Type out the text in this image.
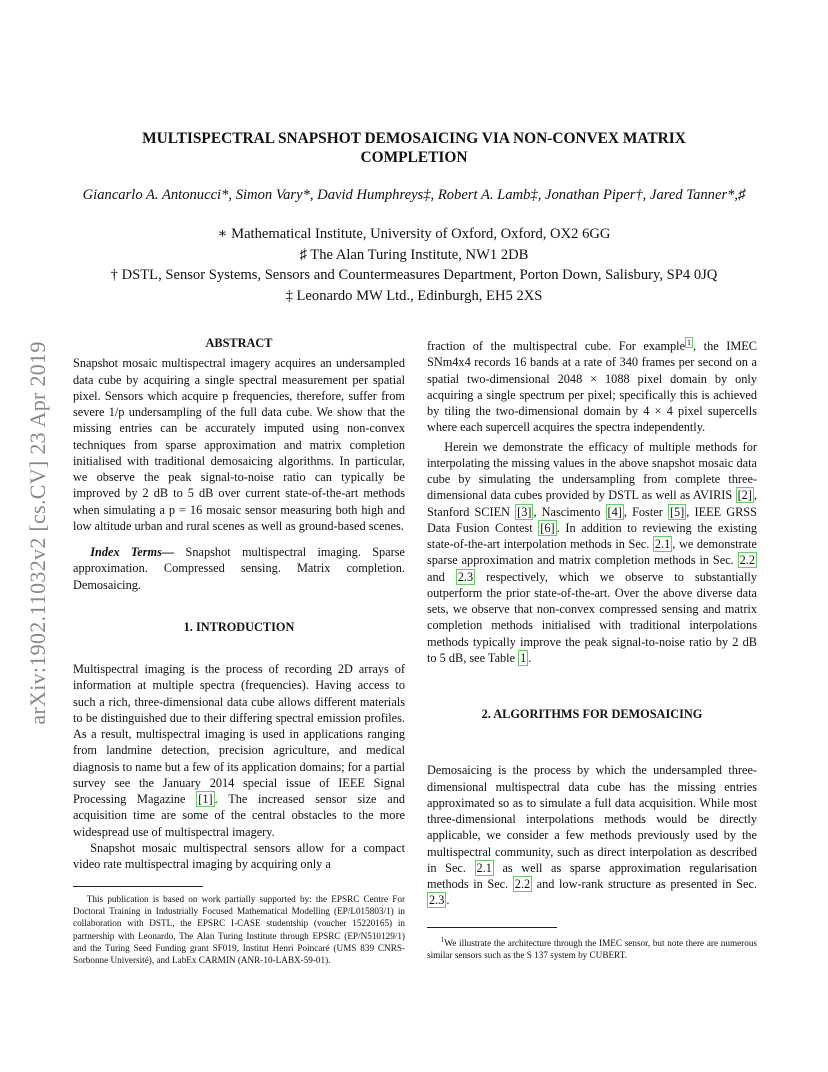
arXiv:1902.11032v2 [cs.CV] 23 Apr 2019
MULTISPECTRAL SNAPSHOT DEMOSAICING VIA NON-CONVEX MATRIX COMPLETION
Giancarlo A. Antonucci*, Simon Vary*, David Humphreys‡, Robert A. Lamb‡, Jonathan Piper†, Jared Tanner*,♯
∗ Mathematical Institute, University of Oxford, Oxford, OX2 6GG
♯ The Alan Turing Institute, NW1 2DB
† DSTL, Sensor Systems, Sensors and Countermeasures Department, Porton Down, Salisbury, SP4 0JQ
‡ Leonardo MW Ltd., Edinburgh, EH5 2XS

ABSTRACT

Snapshot mosaic multispectral imagery acquires an undersampled data cube by acquiring a single spectral measurement per spatial pixel. Sensors which acquire p frequencies, therefore, suffer from severe 1/p undersampling of the full data cube. We show that the missing entries can be accurately imputed using non-convex techniques from sparse approximation and matrix completion initialised with traditional demosaicing algorithms. In particular, we observe the peak signal-to-noise ratio can typically be improved by 2 dB to 5 dB over current state-of-the-art methods when simulating a p = 16 mosaic sensor measuring both high and low altitude urban and rural scenes as well as ground-based scenes.

Index Terms— Snapshot multispectral imaging. Sparse approximation. Compressed sensing. Matrix completion. Demosaicing.

1. INTRODUCTION

Multispectral imaging is the process of recording 2D arrays of information at multiple spectra (frequencies). Having access to such a rich, three-dimensional data cube allows different materials to be distinguished due to their differing spectral emission profiles. As a result, multispectral imaging is used in applications ranging from landmine detection, precision agriculture, and medical diagnosis to name but a few of its application domains; for a partial survey see the January 2014 special issue of IEEE Signal Processing Magazine [1] . The increased sensor size and acquisition time are some of the central obstacles to the more widespread use of multispectral imagery.

Snapshot mosaic multispectral sensors allow for a compact video rate multispectral imaging by acquiring only a

This publication is based on work partially supported by: the EPSRC Centre For Doctoral Training in Industrially Focused Mathematical Modelling (EP/L015803/1) in collaboration with DSTL, the EPSRC I-CASE studentship (voucher 15220165) in partnership with Leonardo, The Alan Turing Institute through EPSRC (EP/N510129/1) and the Turing Seed Funding grant SF019, Institut Henri Poincaré (UMS 839 CNRS-Sorbonne Université), and LabEx CARMIN (ANR-10-LABX-59-01).

fraction of the multispectral cube. For example $^1$ , the IMEC SNm4x4 records 16 bands at a rate of 340 frames per second on a spatial two-dimensional 2048 × 1088 pixel domain by only acquiring a single spectrum per pixel; specifically this is achieved by tiling the two-dimensional domain by 4 × 4 pixel supercells where each supercell acquires the spectra independently.

Herein we demonstrate the efficacy of multiple methods for interpolating the missing values in the above snapshot mosaic data cube by simulating the undersampling from complete three-dimensional data cubes provided by DSTL as well as AVIRIS [2] , Stanford SCIEN [3] , Nascimento [4] , Foster [5] , IEEE GRSS Data Fusion Contest [6] . In addition to reviewing the existing state-of-the-art interpolation methods in Sec. 2.1 , we demonstrate sparse approximation and matrix completion methods in Sec. 2.2 and 2.3 respectively, which we observe to substantially outperform the prior state-of-the-art. Over the above diverse data sets, we observe that non-convex compressed sensing and matrix completion methods initialised with traditional interpolations methods typically improve the peak signal-to-noise ratio by 2 dB to 5 dB, see Table 1 .

2. ALGORITHMS FOR DEMOSAICING

Demosaicing is the process by which the undersampled three-dimensional multispectral data cube has the missing entries approximated so as to simulate a full data acquisition. While most three-dimensional interpolations methods would be directly applicable, we consider a few methods previously used by the multispectral community, such as direct interpolation as described in Sec. 2.1 as well as sparse approximation regularisation methods in Sec. 2.2 and low-rank structure as presented in Sec. 2.3 .

$^1$We illustrate the architecture through the IMEC sensor, but note there are numerous similar sensors such as the S 137 system by CUBERT.
